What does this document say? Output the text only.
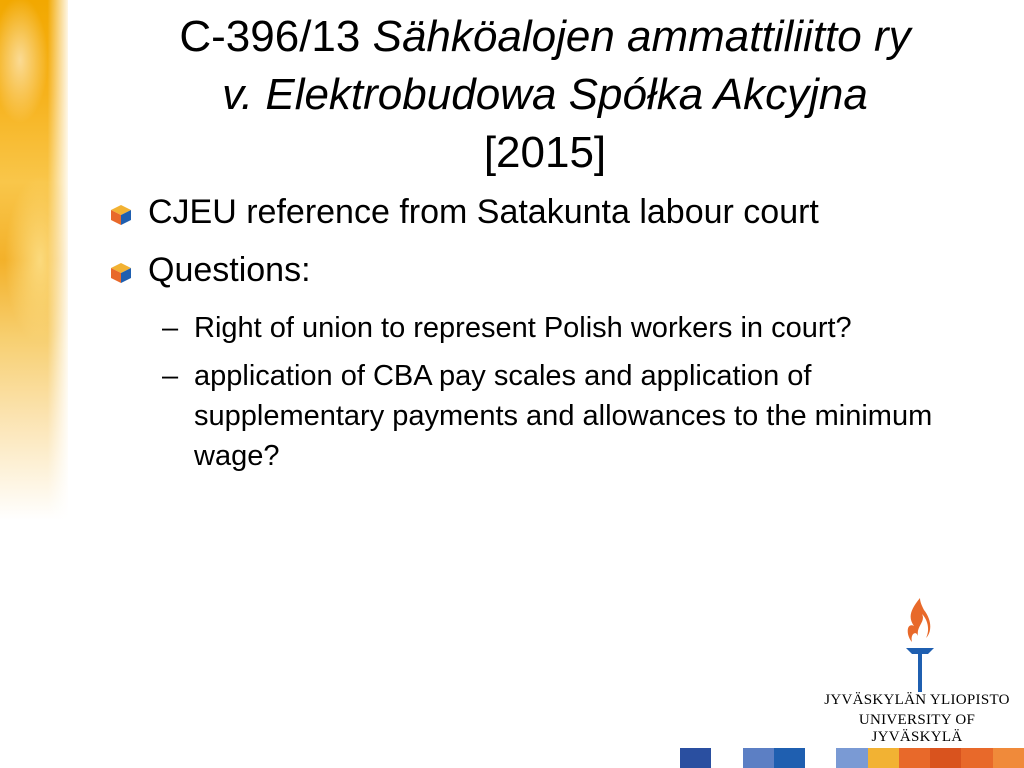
C-396/13 Sähköalojen ammattiliitto ry
v. Elektrobudowa Spółka Akcyjna
[2015]
CJEU reference from Satakunta labour court
Questions:
– Right of union to represent Polish workers in court?
– application of CBA pay scales and application of supplementary payments and allowances to the minimum wage?
JYVÄSKYLÄN YLIOPISTO
UNIVERSITY OF JYVÄSKYLÄ
